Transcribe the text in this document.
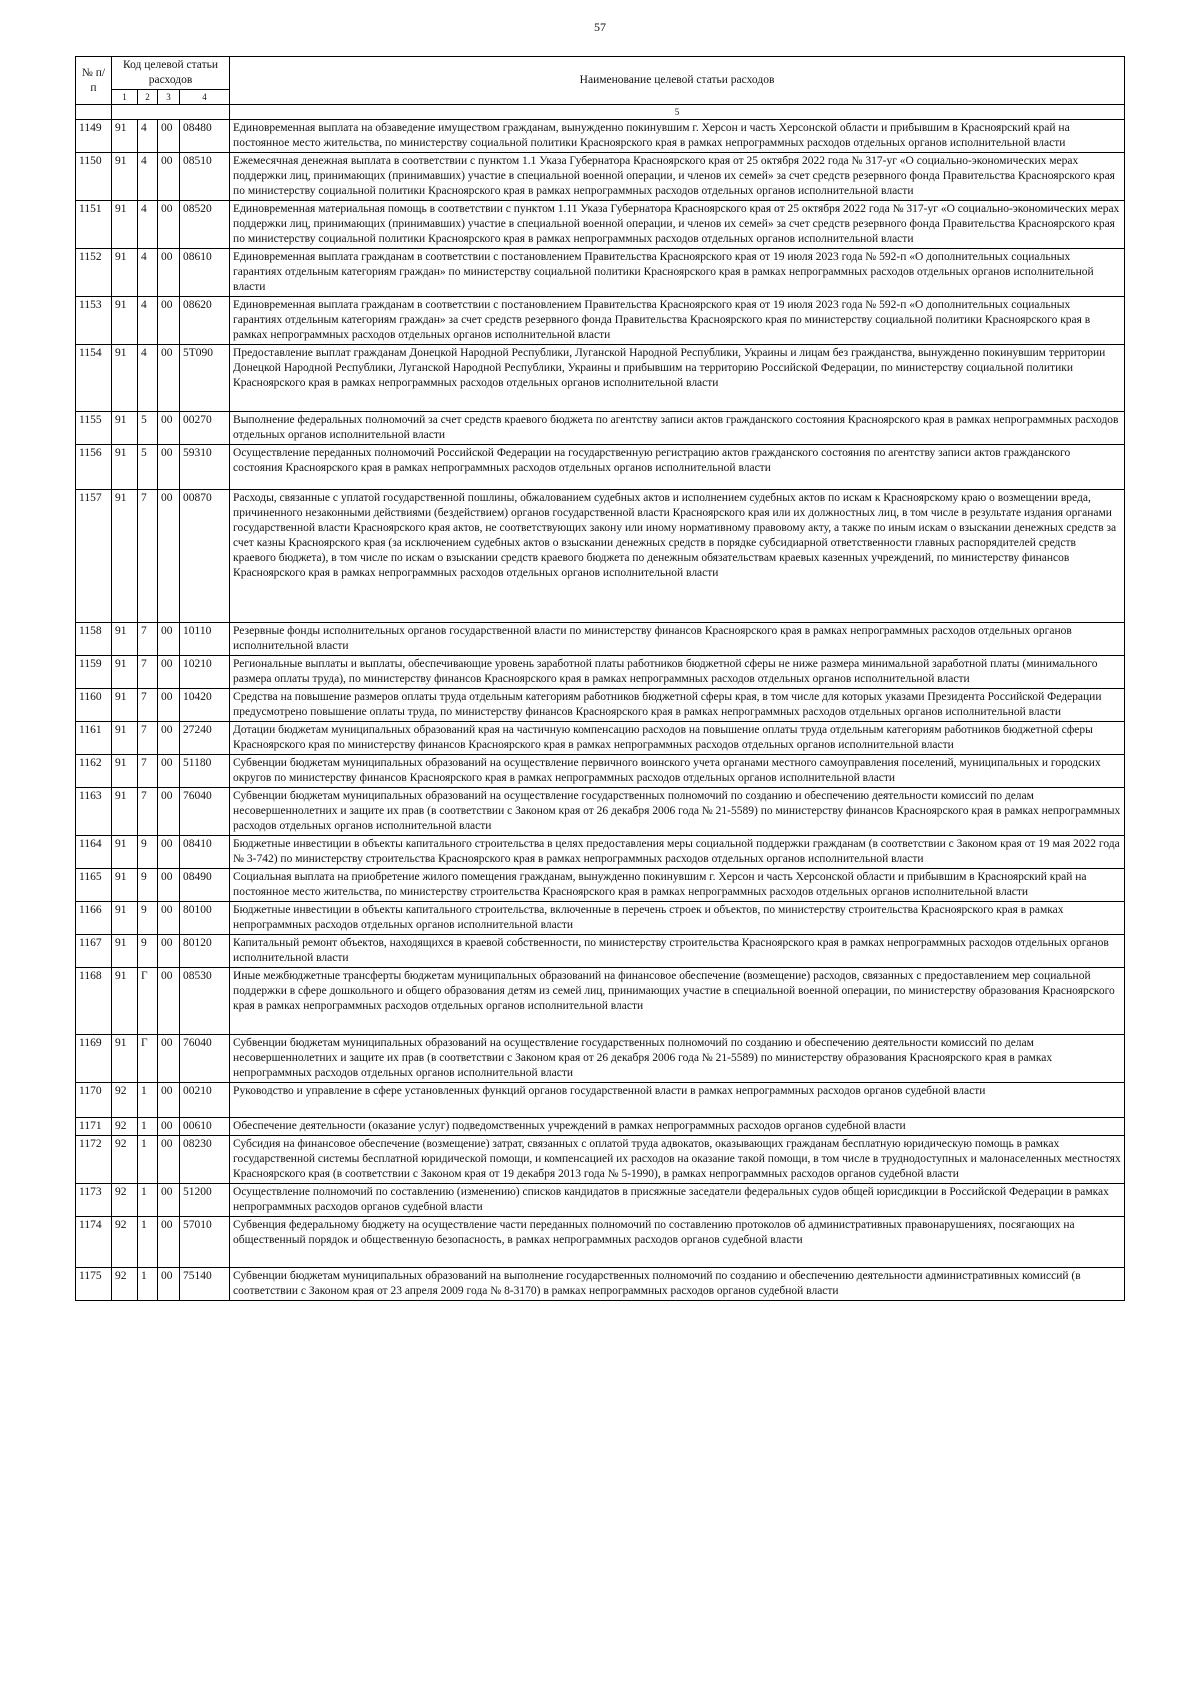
57
№ п/п	Код целевой статьи расходов				Наименование целевой статьи расходов
	1	2	3	4	
					5
1149	91	4	00	08480	Единовременная выплата на обзаведение имуществом гражданам, вынужденно покинувшим г. Херсон и часть Херсонской области и прибывшим в Красноярский край на постоянное место жительства, по министерству социальной политики Красноярского края в рамках непрограммных расходов отдельных органов исполнительной власти
1150	91	4	00	08510	Ежемесячная денежная выплата в соответствии с пунктом 1.1 Указа Губернатора Красноярского края от 25 октября 2022 года № 317-уг «О социально-экономических мерах поддержки лиц, принимающих (принимавших) участие в специальной военной операции, и членов их семей» за счет средств резервного фонда Правительства Красноярского края по министерству социальной политики Красноярского края в рамках непрограммных расходов отдельных органов исполнительной власти
1151	91	4	00	08520	Единовременная материальная помощь в соответствии с пунктом 1.11 Указа Губернатора Красноярского края от 25 октября 2022 года № 317-уг «О социально-экономических мерах поддержки лиц, принимающих (принимавших) участие в специальной военной операции, и членов их семей» за счет средств резервного фонда Правительства Красноярского края по министерству социальной политики Красноярского края в рамках непрограммных расходов отдельных органов исполнительной власти
1152	91	4	00	08610	Единовременная выплата гражданам в соответствии с постановлением Правительства Красноярского края от 19 июля 2023 года № 592-п «О дополнительных социальных гарантиях отдельным категориям граждан» по министерству социальной политики Красноярского края в рамках непрограммных расходов отдельных органов исполнительной власти
1153	91	4	00	08620	Единовременная выплата гражданам в соответствии с постановлением Правительства Красноярского края от 19 июля 2023 года № 592-п «О дополнительных социальных гарантиях отдельным категориям граждан» за счет средств резервного фонда Правительства Красноярского края по министерству социальной политики Красноярского края в рамках непрограммных расходов отдельных органов исполнительной власти
1154	91	4	00	5Т090	Предоставление выплат гражданам Донецкой Народной Республики, Луганской Народной Республики, Украины и лицам без гражданства, вынужденно покинувшим территории Донецкой Народной Республики, Луганской Народной Республики, Украины и прибывшим на территорию Российской Федерации, по министерству социальной политики Красноярского края в рамках непрограммных расходов отдельных органов исполнительной власти
1155	91	5	00	00270	Выполнение федеральных полномочий за счет средств краевого бюджета по агентству записи актов гражданского состояния Красноярского края в рамках непрограммных расходов отдельных органов исполнительной власти
1156	91	5	00	59310	Осуществление переданных полномочий Российской Федерации на государственную регистрацию актов гражданского состояния по агентству записи актов гражданского состояния Красноярского края в рамках непрограммных расходов отдельных органов исполнительной власти
1157	91	7	00	00870	Расходы, связанные с уплатой государственной пошлины, обжалованием судебных актов и исполнением судебных актов по искам к Красноярскому краю о возмещении вреда, причиненного незаконными действиями (бездействием) органов государственной власти Красноярского края или их должностных лиц, в том числе в результате издания органами государственной власти Красноярского края актов, не соответствующих закону или иному нормативному правовому акту, а также по иным искам о взыскании денежных средств за счет казны Красноярского края (за исключением судебных актов о взыскании денежных средств в порядке субсидиарной ответственности главных распорядителей средств краевого бюджета), в том числе по искам о взыскании средств краевого бюджета по денежным обязательствам краевых казенных учреждений, по министерству финансов Красноярского края в рамках непрограммных расходов отдельных органов исполнительной власти
1158	91	7	00	10110	Резервные фонды исполнительных органов государственной власти по министерству финансов Красноярского края в рамках непрограммных расходов отдельных органов исполнительной власти
1159	91	7	00	10210	Региональные выплаты и выплаты, обеспечивающие уровень заработной платы работников бюджетной сферы не ниже размера минимальной заработной платы (минимального размера оплаты труда), по министерству финансов Красноярского края в рамках непрограммных расходов отдельных органов исполнительной власти
1160	91	7	00	10420	Средства на повышение размеров оплаты труда отдельным категориям работников бюджетной сферы края, в том числе для которых указами Президента Российской Федерации предусмотрено повышение оплаты труда, по министерству финансов Красноярского края в рамках непрограммных расходов отдельных органов исполнительной власти
1161	91	7	00	27240	Дотации бюджетам муниципальных образований края на частичную компенсацию расходов на повышение оплаты труда отдельным категориям работников бюджетной сферы Красноярского края по министерству финансов Красноярского края в рамках непрограммных расходов отдельных органов исполнительной власти
1162	91	7	00	51180	Субвенции бюджетам муниципальных образований на осуществление первичного воинского учета органами местного самоуправления поселений, муниципальных и городских округов по министерству финансов Красноярского края в рамках непрограммных расходов отдельных органов исполнительной власти
1163	91	7	00	76040	Субвенции бюджетам муниципальных образований на осуществление государственных полномочий по созданию и обеспечению деятельности комиссий по делам несовершеннолетних и защите их прав (в соответствии с Законом края от 26 декабря 2006 года № 21-5589) по министерству финансов Красноярского края в рамках непрограммных расходов отдельных органов исполнительной власти
1164	91	9	00	08410	Бюджетные инвестиции в объекты капитального строительства в целях предоставления меры социальной поддержки гражданам (в соответствии с Законом края от 19 мая 2022 года № 3-742) по министерству строительства Красноярского края в рамках непрограммных расходов отдельных органов исполнительной власти
1165	91	9	00	08490	Социальная выплата на приобретение жилого помещения гражданам, вынужденно покинувшим г. Херсон и часть Херсонской области и прибывшим в Красноярский край на постоянное место жительства, по министерству строительства Красноярского края в рамках непрограммных расходов отдельных органов исполнительной власти
1166	91	9	00	80100	Бюджетные инвестиции в объекты капитального строительства, включенные в перечень строек и объектов, по министерству строительства Красноярского края в рамках непрограммных расходов отдельных органов исполнительной власти
1167	91	9	00	80120	Капитальный ремонт объектов, находящихся в краевой собственности, по министерству строительства Красноярского края в рамках непрограммных расходов отдельных органов исполнительной власти
1168	91	Г	00	08530	Иные межбюджетные трансферты бюджетам муниципальных образований на финансовое обеспечение (возмещение) расходов, связанных с предоставлением мер социальной поддержки в сфере дошкольного и общего образования детям из семей лиц, принимающих участие в специальной военной операции, по министерству образования Красноярского края в рамках непрограммных расходов отдельных органов исполнительной власти
1169	91	Г	00	76040	Субвенции бюджетам муниципальных образований на осуществление государственных полномочий по созданию и обеспечению деятельности комиссий по делам несовершеннолетних и защите их прав (в соответствии с Законом края от 26 декабря 2006 года № 21-5589) по министерству образования Красноярского края в рамках непрограммных расходов отдельных органов исполнительной власти
1170	92	1	00	00210	Руководство и управление в сфере установленных функций органов государственной власти в рамках непрограммных расходов органов судебной власти
1171	92	1	00	00610	Обеспечение деятельности (оказание услуг) подведомственных учреждений в рамках непрограммных расходов органов судебной власти
1172	92	1	00	08230	Субсидия на финансовое обеспечение (возмещение) затрат, связанных с оплатой труда адвокатов, оказывающих гражданам бесплатную юридическую помощь в рамках государственной системы бесплатной юридической помощи, и компенсацией их расходов на оказание такой помощи, в том числе в труднодоступных и малонаселенных местностях Красноярского края (в соответствии с Законом края от 19 декабря 2013 года № 5-1990), в рамках непрограммных расходов органов судебной власти
1173	92	1	00	51200	Осуществление полномочий по составлению (изменению) списков кандидатов в присяжные заседатели федеральных судов общей юрисдикции в Российской Федерации в рамках непрограммных расходов органов судебной власти
1174	92	1	00	57010	Субвенция федеральному бюджету на осуществление части переданных полномочий по составлению протоколов об административных правонарушениях, посягающих на общественный порядок и общественную безопасность, в рамках непрограммных расходов органов судебной власти
1175	92	1	00	75140	Субвенции бюджетам муниципальных образований на выполнение государственных полномочий по созданию и обеспечению деятельности административных комиссий (в соответствии с Законом края от 23 апреля 2009 года № 8-3170) в рамках непрограммных расходов органов судебной власти
